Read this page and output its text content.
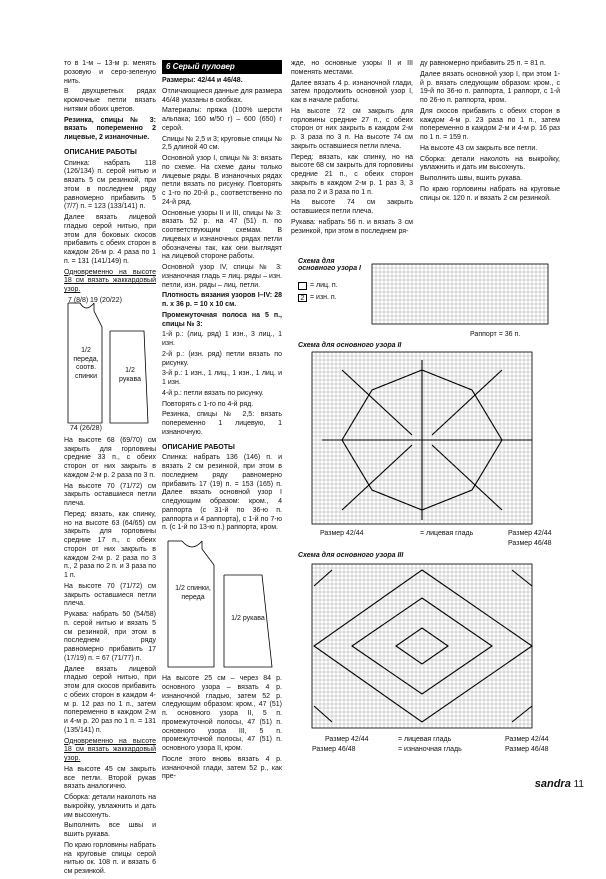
то в 1-м – 13-м р. менять розовую и серо-зеленую нить.

В двухцветных рядах кромочные петли вязать нитями обоих цветов.

Резинка, спицы № 3: вязать попеременно 2 лицевые, 2 изнаночные.

ОПИСАНИЕ РАБОТЫ

Спинка: набрать 118 (126/134) п. серой нитью и вязать 5 см резинкой, при этом в последнем ряду равномерно прибавить 5 (7/7) п. = 123 (133/141) п.

Далее вязать лицевой гладью серой нитью, при этом для боковых скосов прибавить с обеих сторон в каждом 26-м р. 4 раза по 1 п. = 131 (141/149) п.

Одновременно на высоте 18 см вязать жаккардовый узор.

7 (8/8) 19 (20/22)
1/2 переда, соотв. спинки
1/2 рукава
74 (26/28)

На высоте 68 (69/70) см закрыть для горловины средние 33 п., с обеих сторон от них закрыть в каждом 2-м р. 2 раза по 3 п.

На высоте 70 (71/72) см закрыть оставшиеся петли плеча.

Перед: вязать, как спинку, но на высоте 63 (64/65) см закрыть для горловины средние 17 п., с обеих сторон от них закрыть в каждом 2-м р. 2 раза по 3 п., 2 раза по 2 п. и 3 раза по 1 п.

На высоте 70 (71/72) см закрыть оставшиеся петли плеча.

Рукава: набрать 50 (54/58) п. серой нитью и вязать 5 см резинкой, при этом в последнем ряду равномерно прибавить 17 (17/19) п. = 67 (71/77) п.

Далее вязать лицевой гладью серой нитью, при этом для скосов прибавить с обеих сторон в каждом 4-м р. 12 раз по 1 п., затем попеременно в каждом 2-м и 4-м р. 20 раз по 1 п. = 131 (135/141) п.

Одновременно на высоте 18 см вязать жаккардовый узор.

На высоте 45 см закрыть все петли. Второй рукав вязать аналогично.

Сборка: детали наколоть на выкройку, увлажнить и дать им высохнуть.

Выполнить все швы и вшить рукава.

По краю горловины набрать на круговые спицы серой нитью ок. 108 п. и вязать 6 см резинкой.

6 Серый пуловер

Размеры: 42/44 и 46/48.

Отличающиеся данные для размера 46/48 указаны в скобках.

Материалы: пряжа (100% шерсти альпака; 160 м/50 г) – 600 (650) г серой.

Спицы № 2,5 и 3; круговые спицы № 2,5 длиной 40 см.

Основной узор I, спицы № 3: вязать по схеме. На схеме даны только лицевые ряды. В изнаночных рядах петли вязать по рисунку. Повторять с 1-го по 20-й р., соответственно по 24-й ряд.

Основные узоры II и III, спицы № 3: вязать 52 р. на 47 (51) п. по соответствующим схемам. В лицевых и изнаночных рядах петли обозначены так, как они выглядят на лицевой стороне работы.

Основной узор IV, спицы № 3: изнаночная гладь = лиц. ряды – изн. петли, изн. ряды – лиц. петли.

Плотность вязания узоров I–IV: 28 п. х 36 р. = 10 х 10 см.

Промежуточная полоса на 5 п., спицы № 3:

1-й р.: (лиц. ряд) 1 изн., 3 лиц., 1 изн.

2-й р.: (изн. ряд) петли вязать по рисунку.

3-й р.: 1 изн., 1 лиц., 1 изн., 1 лиц. и 1 изн.

4-й р.: петли вязать по рисунку.

Повторять с 1-го по 4-й ряд.

Резинка, спицы № 2,5: вязать попеременно 1 лицевую, 1 изнаночную.

ОПИСАНИЕ РАБОТЫ

Спинка: набрать 136 (146) п. и вязать 2 см резинкой, при этом в последнем ряду равномерно прибавить 17 (19) п. = 153 (165) п. Далее вязать основной узор I следующим образом: кром., 4 раппорта (с 31-й по 36-ю п. раппорта и 4 раппорта), с 1-й по 7-ю п. (с 1-й по 13-ю п.) раппорта, кром.

1/2 спинки, переда
1/2 рукава

На высоте 25 см – через 84 р. основного узора – вязать 4 р. изнаночной гладью, затем 52 р. следующим образом: кром., 47 (51) п. основного узора II, 5 п. промежуточной полосы, 47 (51) п. основного узора III, 5 п. промежуточной полосы, 47 (51) п. основного узора II, кром.

После этого вновь вязать 4 р. изнаночной глади, затем 52 р., как пре-

жде, но основные узоры II и III поменять местами.

Далее вязать 4 р. изнаночной глади, затем продолжить основной узор I, как в начале работы.

На высоте 72 см закрыть для горловины средние 27 п., с обеих сторон от них закрыть в каждом 2-м р. 3 раза по 3 п. На высоте 74 см закрыть оставшиеся петли плеча.

Перед: вязать, как спинку, но на высоте 68 см закрыть для горловины средние 21 п., с обеих сторон закрыть в каждом 2-м р. 1 раз 3, 3 раза по 2 и 3 раза по 1 п.

На высоте 74 см закрыть оставшиеся петли плеча.

Рукава: набрать 56 п. и вязать 3 см резинкой, при этом в последнем ря-

ду равномерно прибавить 25 п. = 81 п.

Далее вязать основной узор I, при этом 1-й р. вязать следующим образом: кром., с 19-й по 36-ю п. раппорта, 1 раппорт, с 1-й по 26-ю п. раппорта, кром.

Для скосов прибавить с обеих сторон в каждом 4-м р. 23 раза по 1 п., затем попеременно в каждом 2-м и 4-м р. 16 раз по 1 п. = 159 п.

На высоте 43 см закрыть все петли.

Сборка: детали наколоть на выкройку, увлажнить и дать им высохнуть.

Выполнить швы, вшить рукава.

По краю горловины набрать на круговые спицы ок. 120 п. и вязать 2 см резинкой.

Схема для основного узора I
= лиц. п.
2 = изн. п.
Раппорт = 36 п.
Схема для основного узора II
Размер 42/44	= лицевая гладь	Размер 42/44
Размер 46/48
Схема для основного узора III
Размер 42/44
Размер 46/48
= лицевая гладь
= изнаночная гладь
Размер 42/44
Размер 46/48
sandra 11
